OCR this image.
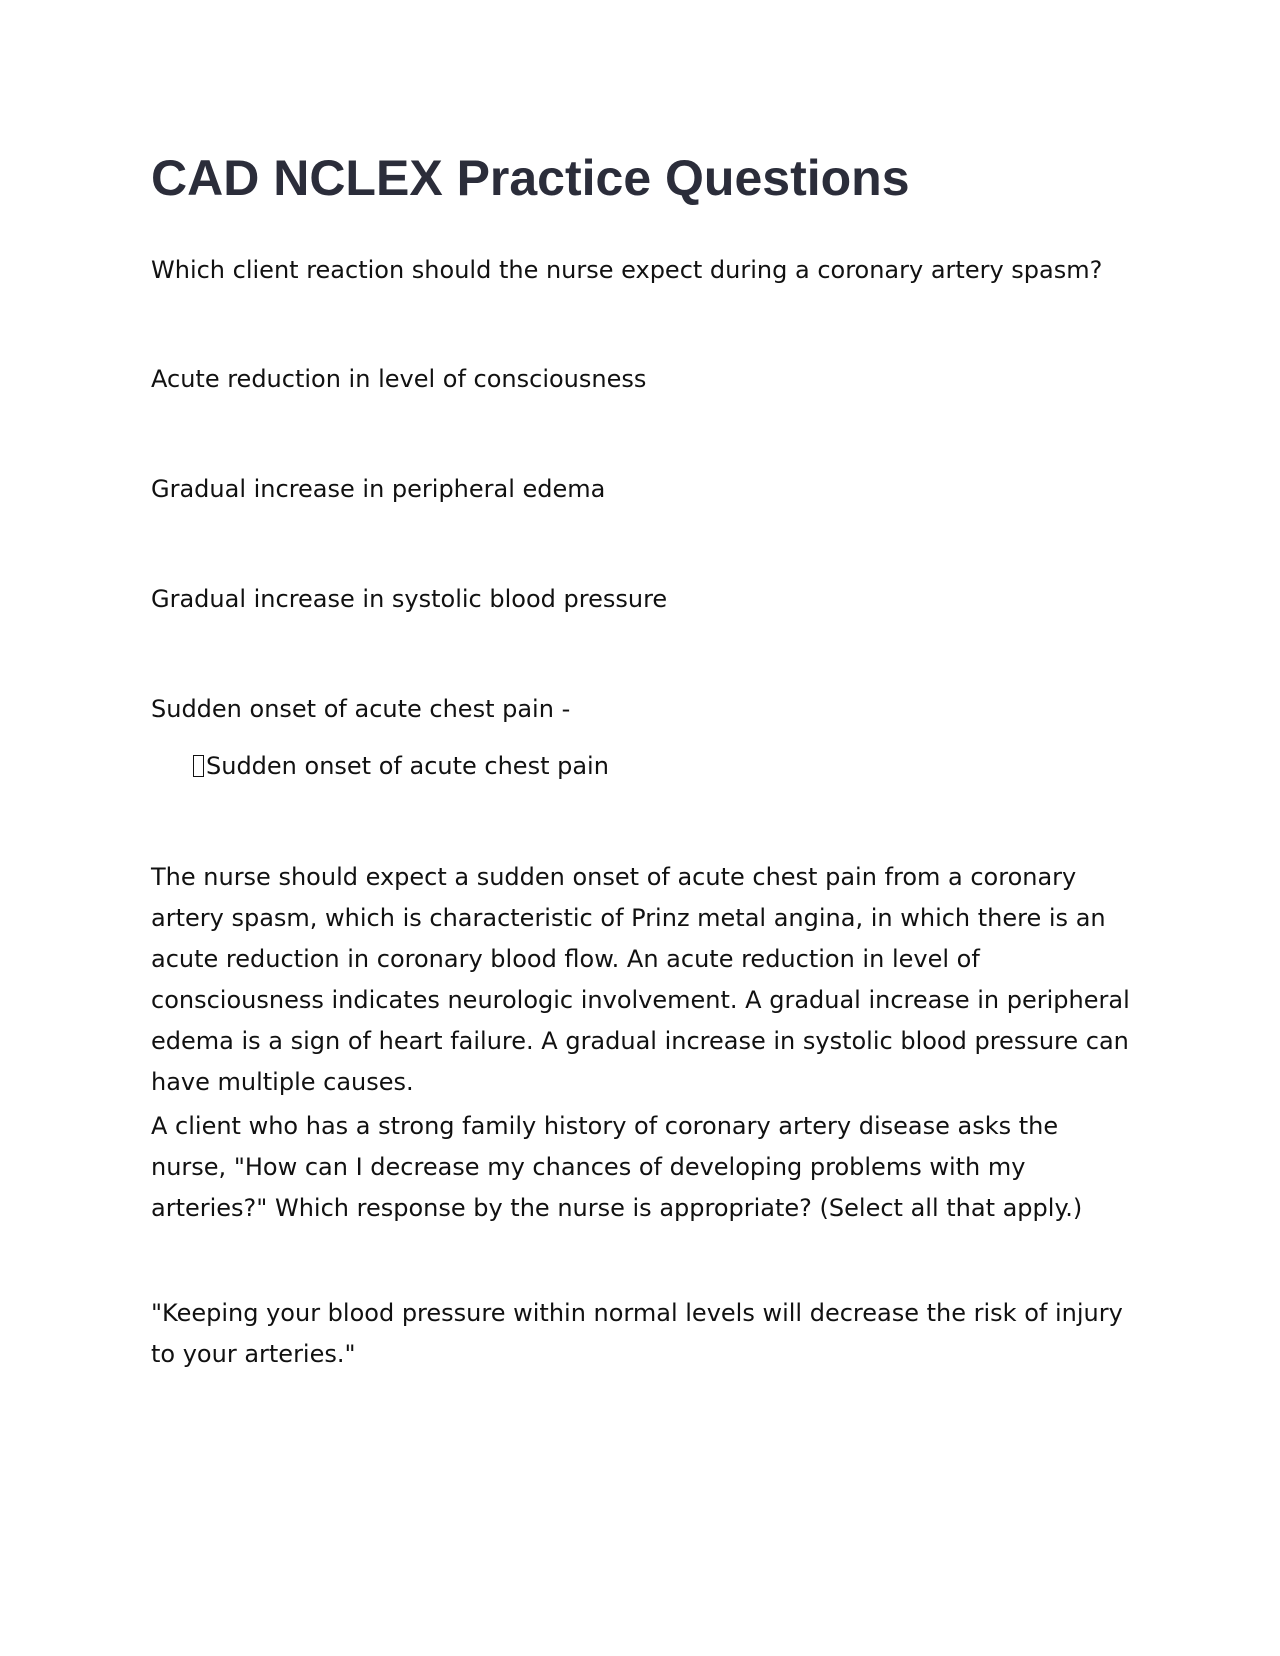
CAD NCLEX Practice Questions

Which client reaction should the nurse expect during a coronary artery spasm?

Acute reduction in level of consciousness

Gradual increase in peripheral edema

Gradual increase in systolic blood pressure

Sudden onset of acute chest pain -

Sudden onset of acute chest pain

The nurse should expect a sudden onset of acute chest pain from a coronary artery spasm, which is characteristic of Prinz metal angina, in which there is an acute reduction in coronary blood flow. An acute reduction in level of consciousness indicates neurologic involvement. A gradual increase in peripheral edema is a sign of heart failure. A gradual increase in systolic blood pressure can have multiple causes.

A client who has a strong family history of coronary artery disease asks the nurse, "How can I decrease my chances of developing problems with my arteries?" Which response by the nurse is appropriate? (Select all that apply.)

"Keeping your blood pressure within normal levels will decrease the risk of injury to your arteries."
